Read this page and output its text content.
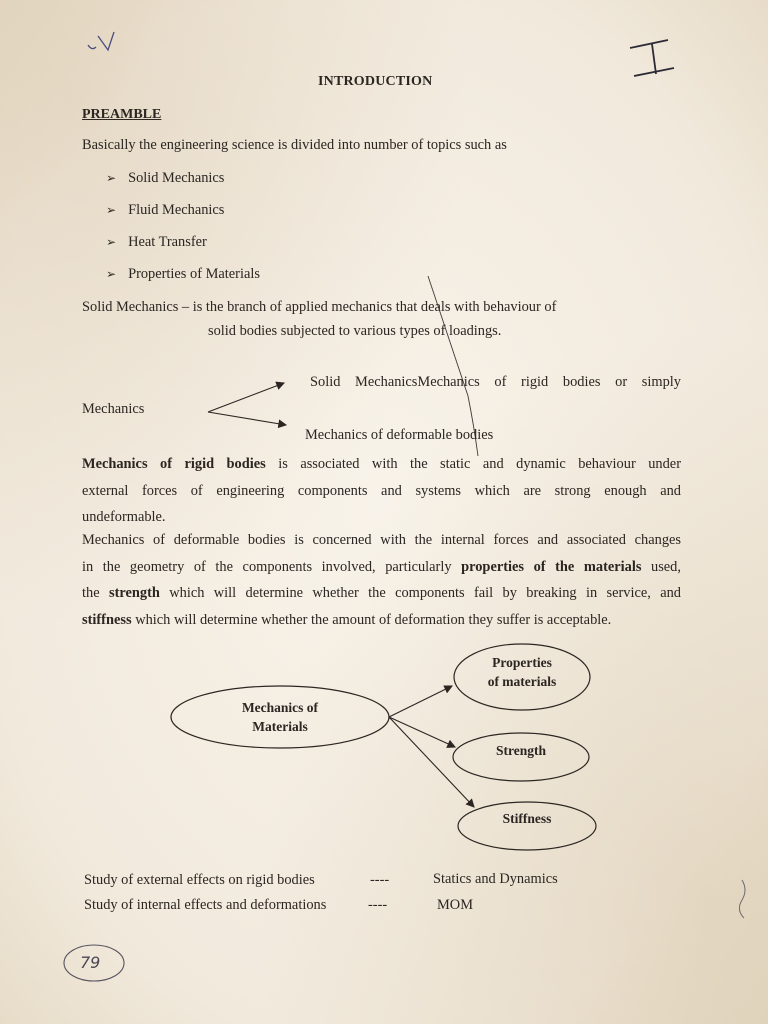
INTRODUCTION
PREAMBLE
Basically the engineering science is divided into number of topics such as
➢ Solid Mechanics
➢ Fluid Mechanics
➢ Heat Transfer
➢ Properties of Materials
Solid Mechanics – is the branch of applied mechanics that deals with behaviour of
solid bodies subjected to various types of loadings.
Mechanics
Solid MechanicsMechanics of rigid bodies or simply
Mechanics of deformable bodies
Mechanics of rigid bodies is associated with the static and dynamic behaviour under
external forces of engineering components and systems which are strong enough and
undeformable.
Mechanics of deformable bodies is concerned with the internal forces and associated changes
in the geometry of the components involved, particularly properties of the materials used,
the strength which will determine whether the components fail by breaking in service, and
stiffness which will determine whether the amount of deformation they suffer is acceptable.
Mechanics of
Materials
Properties
of materials
Strength
Stiffness
Study of external effects on rigid bodies	----	Statics and Dynamics
Study of internal effects and deformations	----	MOM
79
